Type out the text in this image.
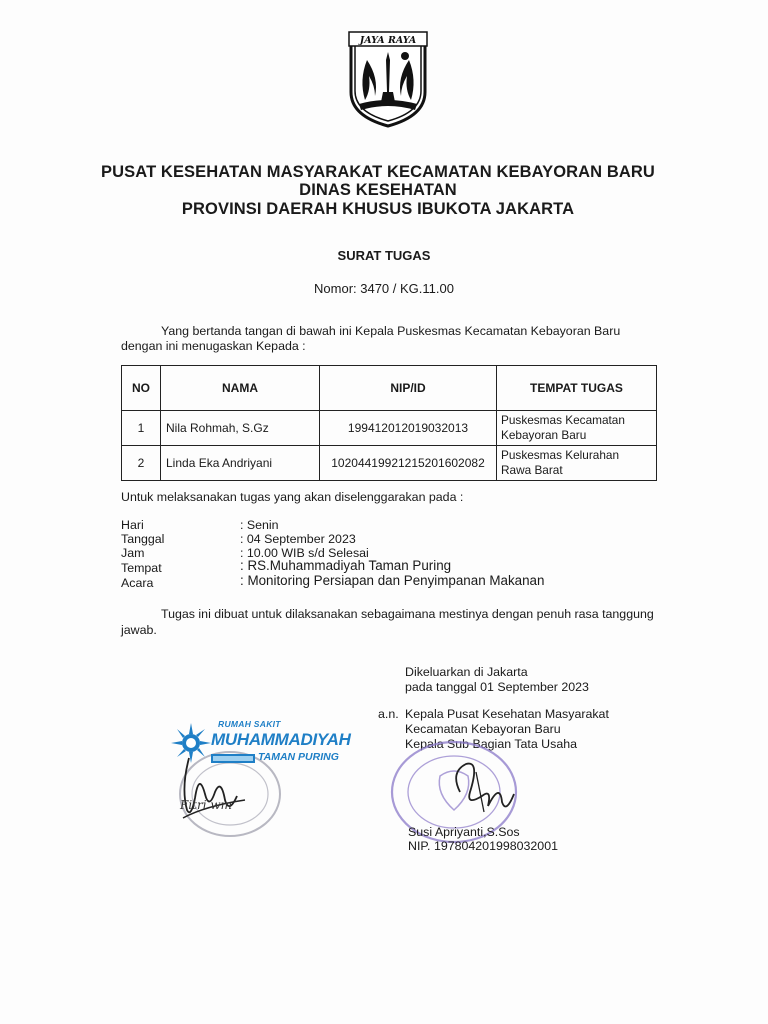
JAYA RAYA
PUSAT KESEHATAN MASYARAKAT KECAMATAN KEBAYORAN BARU
DINAS KESEHATAN
PROVINSI DAERAH KHUSUS IBUKOTA JAKARTA
SURAT TUGAS
Nomor: 3470 / KG.11.00
Yang bertanda tangan di bawah ini Kepala Puskesmas Kecamatan Kebayoran Baru
dengan ini menugaskan Kepada :
NO	NAMA	NIP/ID	TEMPAT TUGAS
1	Nila Rohmah, S.Gz	199412012019032013	Puskesmas Kecamatan
Kebayoran Baru
2	Linda Eka Andriyani	10204419921215201602082	Puskesmas Kelurahan
Rawa Barat
Untuk melaksanakan tugas yang akan diselenggarakan pada :
Hari	: Senin
Tanggal	: 04 September 2023
Jam	: 10.00 WIB s/d Selesai
Tempat	: RS.Muhammadiyah Taman Puring
Acara	: Monitoring Persiapan dan Penyimpanan Makanan
Tugas ini dibuat untuk dilaksanakan sebagaimana mestinya dengan penuh rasa tanggung
jawab.
RUMAH SAKIT
MUHAMMADIYAH
TAMAN PURING
Fitri wm
Dikeluarkan di Jakarta
pada tanggal 01 September 2023
a.n. Kepala Pusat Kesehatan Masyarakat
Kecamatan Kebayoran Baru
Kepala Sub Bagian Tata Usaha
Susi Apriyanti,S.Sos
NIP. 197804201998032001
